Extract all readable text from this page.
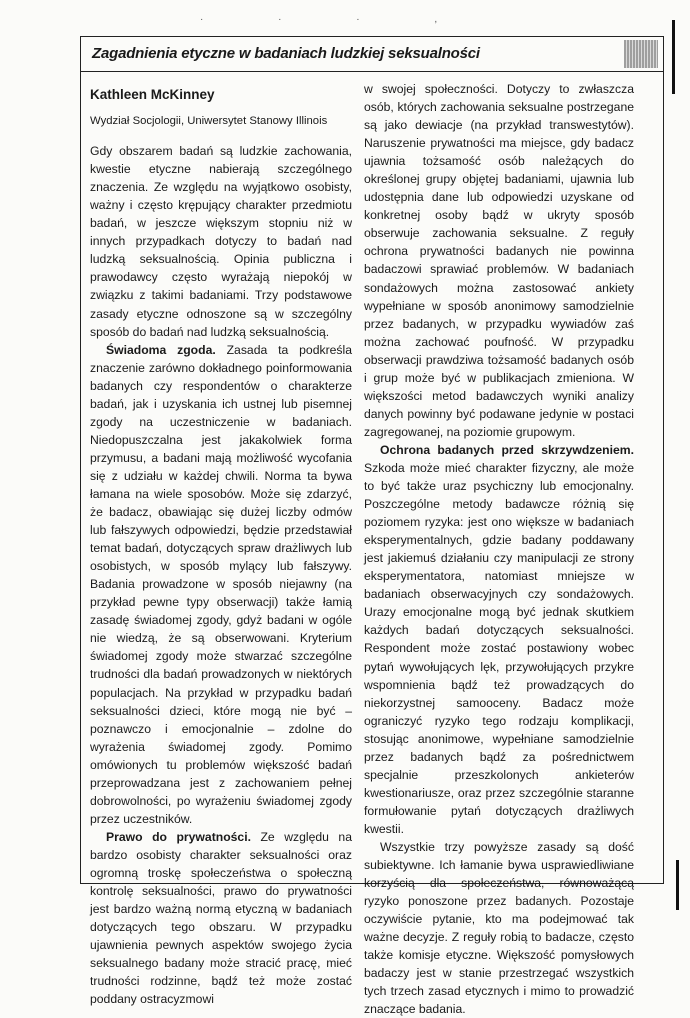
· · · ,
Zagadnienia etyczne w badaniach ludzkiej seksualności

Kathleen McKinney

Wydział Socjologii, Uniwersytet Stanowy Illinois

Gdy obszarem badań są ludzkie zachowania, kwestie etyczne nabierają szczególnego znaczenia. Ze względu na wyjątkowo osobisty, ważny i często krępujący charakter przedmiotu badań, w jeszcze większym stopniu niż w innych przypadkach dotyczy to badań nad ludzką seksualnością. Opinia publiczna i prawodawcy często wyrażają niepokój w związku z takimi badaniami. Trzy podstawowe zasady etyczne odnoszone są w szczególny sposób do badań nad ludzką seksualnością.

Świadoma zgoda. Zasada ta podkreśla znaczenie zarówno dokładnego poinformowania badanych czy respondentów o charakterze badań, jak i uzyskania ich ustnej lub pisemnej zgody na uczestniczenie w badaniach. Niedopuszczalna jest jakakolwiek forma przymusu, a badani mają możliwość wycofania się z udziału w każdej chwili. Norma ta bywa łamana na wiele sposobów. Może się zdarzyć, że badacz, obawiając się dużej liczby odmów lub fałszywych odpowiedzi, będzie przedstawiał temat badań, dotyczących spraw drażliwych lub osobistych, w sposób mylący lub fałszywy. Badania prowadzone w sposób niejawny (na przykład pewne typy obserwacji) także łamią zasadę świadomej zgody, gdyż badani w ogóle nie wiedzą, że są obserwowani. Kryterium świadomej zgody może stwarzać szczególne trudności dla badań prowadzonych w niektórych populacjach. Na przykład w przypadku badań seksualności dzieci, które mogą nie być – poznawczo i emocjonalnie – zdolne do wyrażenia świadomej zgody. Pomimo omówionych tu problemów większość badań przeprowadzana jest z zachowaniem pełnej dobrowolności, po wyrażeniu świadomej zgody przez uczestników.

Prawo do prywatności. Ze względu na bardzo osobisty charakter seksualności oraz ogromną troskę społeczeństwa o społeczną kontrolę seksualności, prawo do prywatności jest bardzo ważną normą etyczną w badaniach dotyczących tego obszaru. W przypadku ujawnienia pewnych aspektów swojego życia seksualnego badany może stracić pracę, mieć trudności rodzinne, bądź też może zostać poddany ostracyzmowi

w swojej społeczności. Dotyczy to zwłaszcza osób, których zachowania seksualne postrzegane są jako dewiacje (na przykład transwestytów). Naruszenie prywatności ma miejsce, gdy badacz ujawnia tożsamość osób należących do określonej grupy objętej badaniami, ujawnia lub udostępnia dane lub odpowiedzi uzyskane od konkretnej osoby bądź w ukryty sposób obserwuje zachowania seksualne. Z reguły ochrona prywatności badanych nie powinna badaczowi sprawiać problemów. W badaniach sondażowych można zastosować ankiety wypełniane w sposób anonimowy samodzielnie przez badanych, w przypadku wywiadów zaś można zachować poufność. W przypadku obserwacji prawdziwa tożsamość badanych osób i grup może być w publikacjach zmieniona. W większości metod badawczych wyniki analizy danych powinny być podawane jedynie w postaci zagregowanej, na poziomie grupowym.

Ochrona badanych przed skrzywdzeniem. Szkoda może mieć charakter fizyczny, ale może to być także uraz psychiczny lub emocjonalny. Poszczególne metody badawcze różnią się poziomem ryzyka: jest ono większe w badaniach eksperymentalnych, gdzie badany poddawany jest jakiemuś działaniu czy manipulacji ze strony eksperymentatora, natomiast mniejsze w badaniach obserwacyjnych czy sondażowych. Urazy emocjonalne mogą być jednak skutkiem każdych badań dotyczących seksualności. Respondent może zostać postawiony wobec pytań wywołujących lęk, przywołujących przykre wspomnienia bądź też prowadzących do niekorzystnej samooceny. Badacz może ograniczyć ryzyko tego rodzaju komplikacji, stosując anonimowe, wypełniane samodzielnie przez badanych bądź za pośrednictwem specjalnie przeszkolonych ankieterów kwestionariusze, oraz przez szczególnie staranne formułowanie pytań dotyczących drażliwych kwestii.

Wszystkie trzy powyższe zasady są dość subiektywne. Ich łamanie bywa usprawiedliwiane korzyścią dla społeczeństwa, równoważącą ryzyko ponoszone przez badanych. Pozostaje oczywiście pytanie, kto ma podejmować tak ważne decyzje. Z reguły robią to badacze, często także komisje etyczne. Większość pomysłowych badaczy jest w stanie przestrzegać wszystkich tych trzech zasad etycznych i mimo to prowadzić znaczące badania.
